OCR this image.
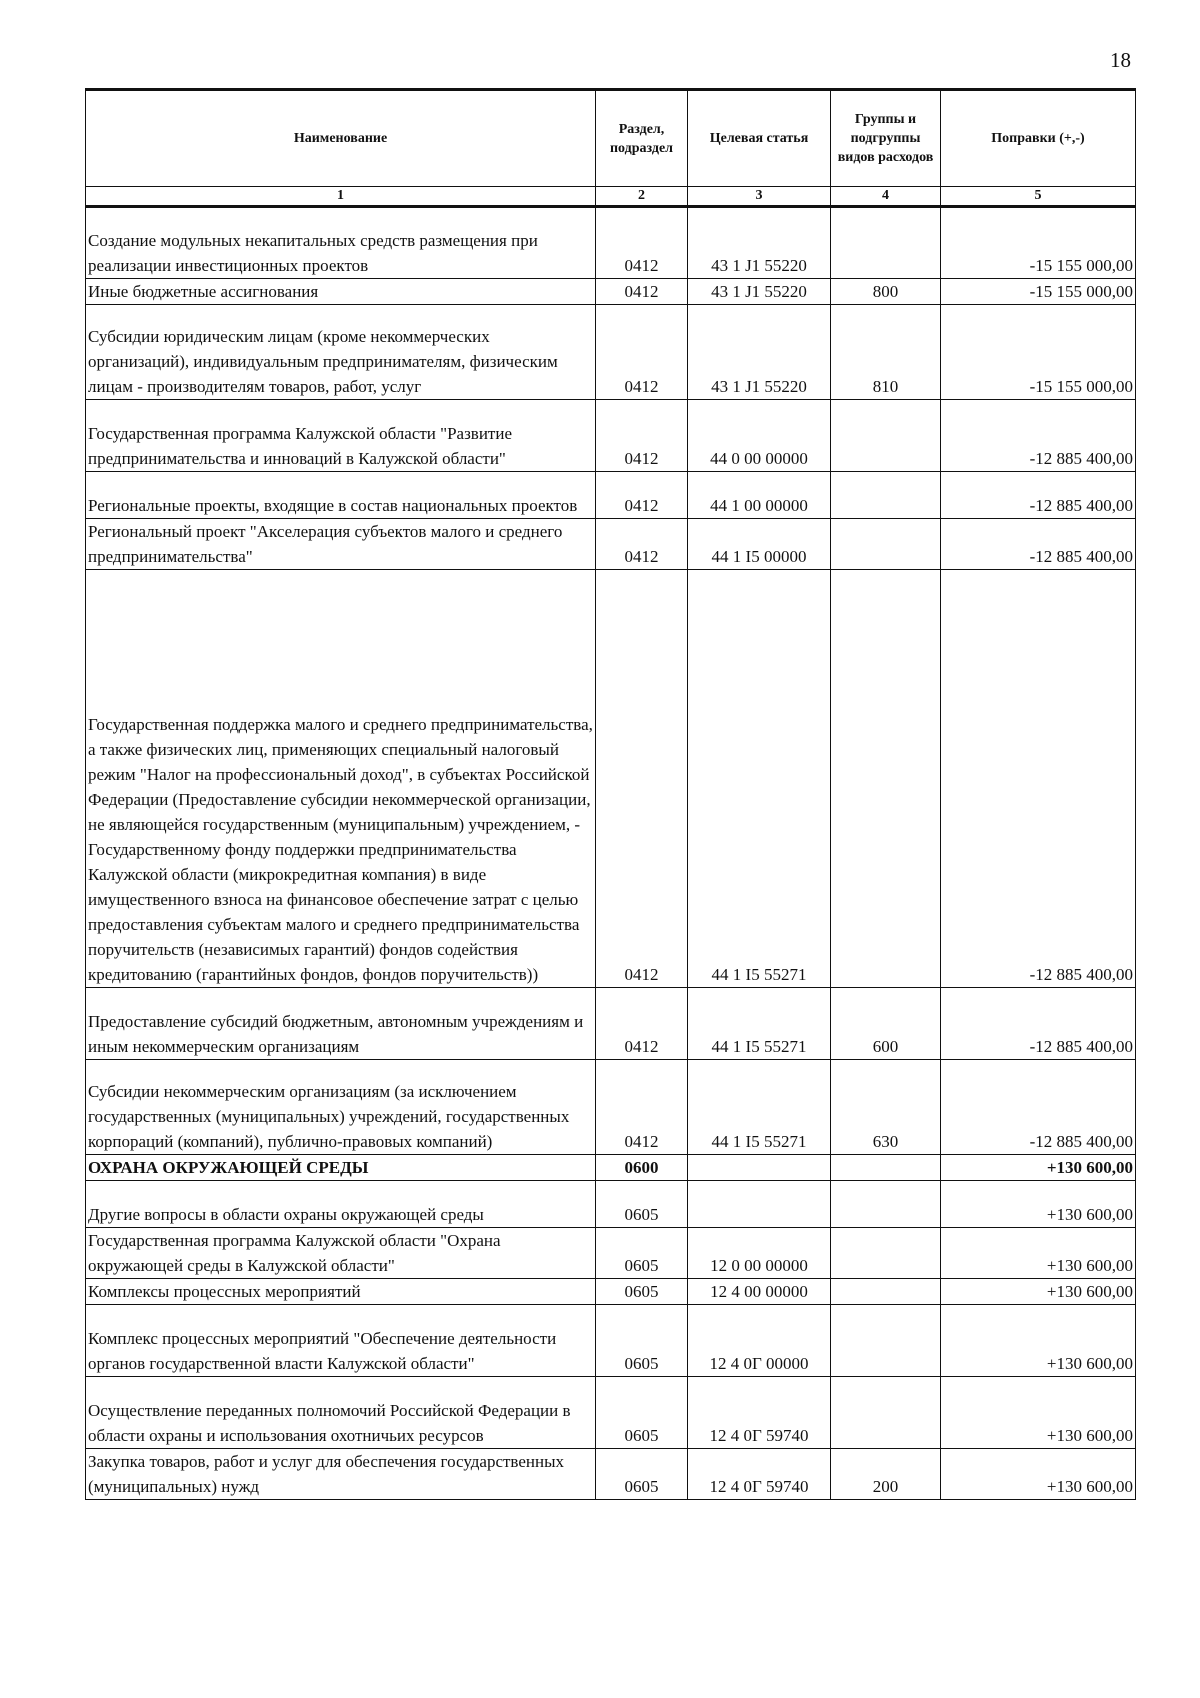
18
Наименование	Раздел, подраздел	Целевая статья	Группы и подгруппы видов расходов	Поправки (+,-)
1	2	3	4	5
Создание модульных некапитальных средств размещения при реализации инвестиционных проектов	0412	43 1 J1 55220		-15 155 000,00
Иные бюджетные ассигнования	0412	43 1 J1 55220	800	-15 155 000,00
Субсидии юридическим лицам (кроме некоммерческих организаций), индивидуальным предпринимателям, физическим лицам - производителям товаров, работ, услуг	0412	43 1 J1 55220	810	-15 155 000,00
Государственная программа Калужской области "Развитие предпринимательства и инноваций в Калужской области"	0412	44 0 00 00000		-12 885 400,00
Региональные проекты, входящие в состав национальных проектов	0412	44 1 00 00000		-12 885 400,00
Региональный проект "Акселерация субъектов малого и среднего предпринимательства"	0412	44 1 I5 00000		-12 885 400,00
Государственная поддержка малого и среднего предпринимательства, а также физических лиц, применяющих специальный налоговый режим "Налог на профессиональный доход", в субъектах Российской Федерации (Предоставление субсидии некоммерческой организации, не являющейся государственным (муниципальным) учреждением, - Государственному фонду поддержки предпринимательства Калужской области (микрокредитная компания) в виде имущественного взноса на финансовое обеспечение затрат с целью предоставления субъектам малого и среднего предпринимательства поручительств (независимых гарантий) фондов содействия кредитованию (гарантийных фондов, фондов поручительств))	0412	44 1 I5 55271		-12 885 400,00
Предоставление субсидий бюджетным, автономным учреждениям и иным некоммерческим организациям	0412	44 1 I5 55271	600	-12 885 400,00
Субсидии некоммерческим организациям (за исключением государственных (муниципальных) учреждений, государственных корпораций (компаний), публично-правовых компаний)	0412	44 1 I5 55271	630	-12 885 400,00
ОХРАНА ОКРУЖАЮЩЕЙ СРЕДЫ	0600			+130 600,00
Другие вопросы в области охраны окружающей среды	0605			+130 600,00
Государственная программа Калужской области "Охрана окружающей среды в Калужской области"	0605	12 0 00 00000		+130 600,00
Комплексы процессных мероприятий	0605	12 4 00 00000		+130 600,00
Комплекс процессных мероприятий "Обеспечение деятельности органов государственной власти Калужской области"	0605	12 4 0Г 00000		+130 600,00
Осуществление переданных полномочий Российской Федерации в области охраны и использования охотничьих ресурсов	0605	12 4 0Г 59740		+130 600,00
Закупка товаров, работ и услуг для обеспечения государственных (муниципальных) нужд	0605	12 4 0Г 59740	200	+130 600,00
